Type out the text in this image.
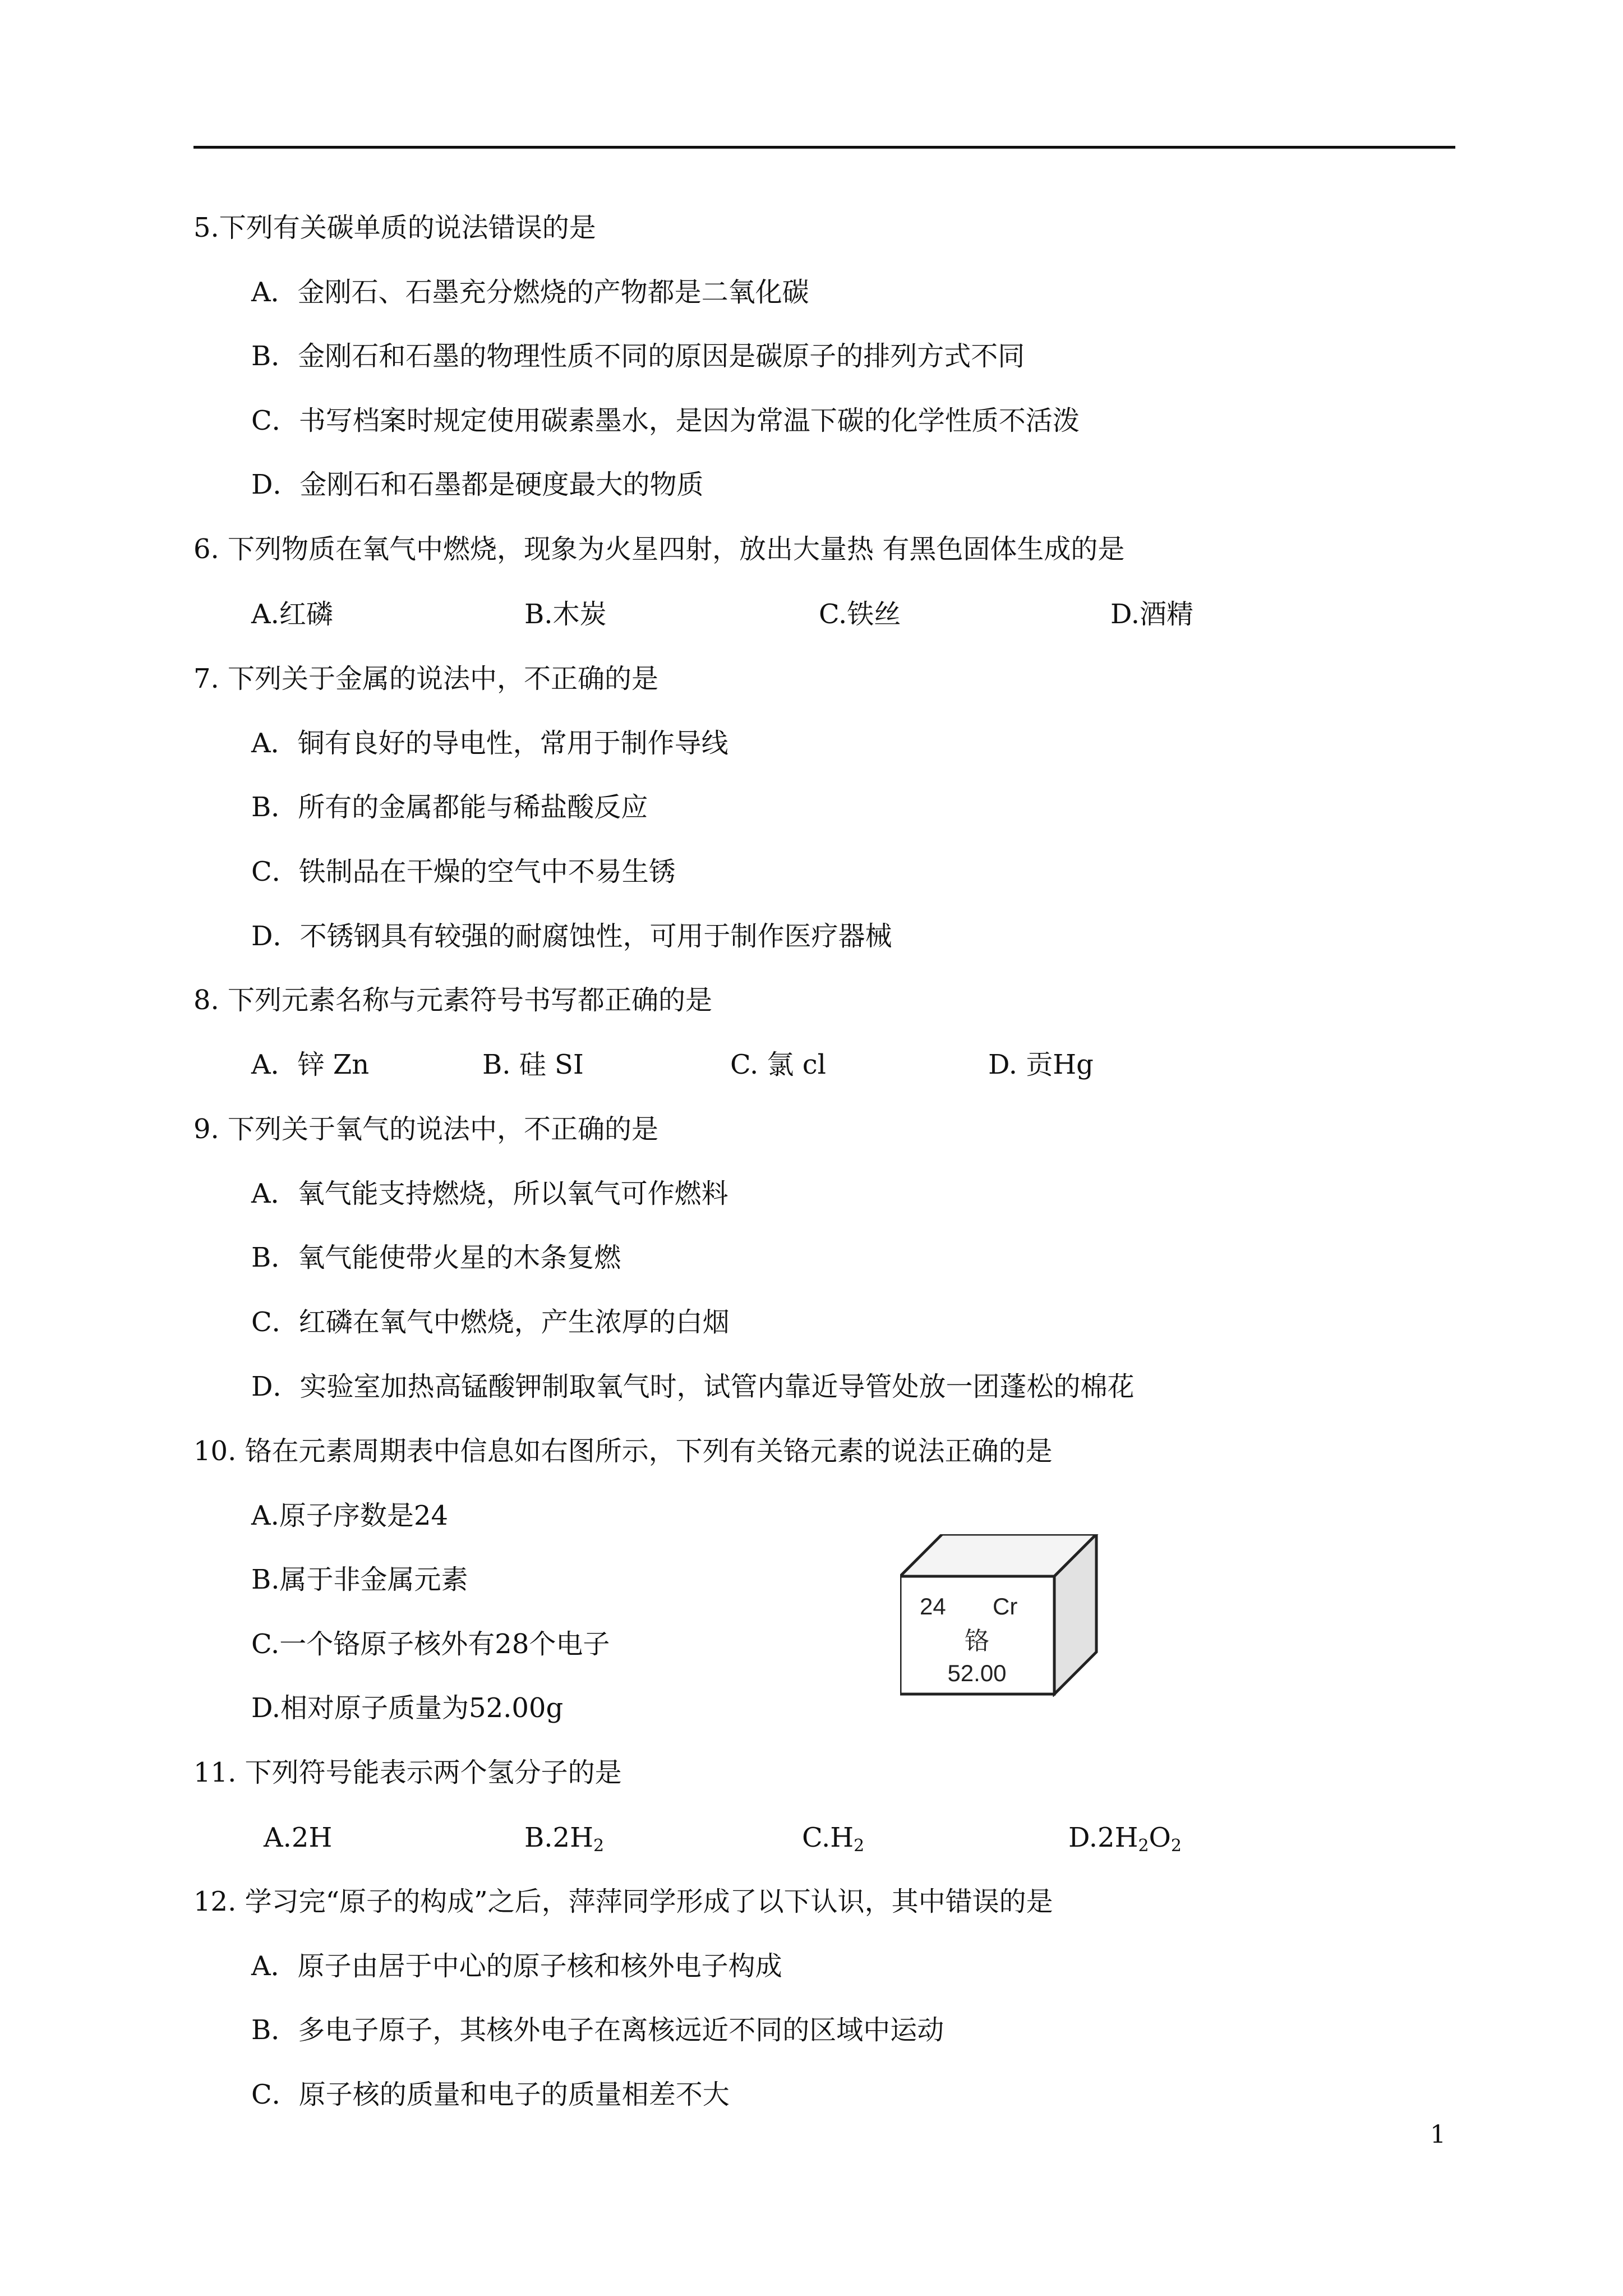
5.下列有关碳单质的说法错误的是
A．金刚石、石墨充分燃烧的产物都是二氧化碳
B．金刚石和石墨的物理性质不同的原因是碳原子的排列方式不同
C．书写档案时规定使用碳素墨水，是因为常温下碳的化学性质不活泼
D．金刚石和石墨都是硬度最大的物质
6. 下列物质在氧气中燃烧，现象为火星四射，放出大量热 有黑色固体生成的是
A.红磷	B.木炭	C.铁丝	D.酒精
7. 下列关于金属的说法中，不正确的是
A．铜有良好的导电性，常用于制作导线
B．所有的金属都能与稀盐酸反应
C．铁制品在干燥的空气中不易生锈
D．不锈钢具有较强的耐腐蚀性，可用于制作医疗器械
8. 下列元素名称与元素符号书写都正确的是
A．锌 Zn	B. 硅 SI	C. 氯 cl	D. 贡Hg
9. 下列关于氧气的说法中，不正确的是
A．氧气能支持燃烧，所以氧气可作燃料
B．氧气能使带火星的木条复燃
C．红磷在氧气中燃烧，产生浓厚的白烟
D．实验室加热高锰酸钾制取氧气时，试管内靠近导管处放一团蓬松的棉花
10. 铬在元素周期表中信息如右图所示，下列有关铬元素的说法正确的是
A.原子序数是24
B.属于非金属元素
C.一个铬原子核外有28个电子
D.相对原子质量为52.00g
24 Cr
铬
52.00
11. 下列符号能表示两个氢分子的是
A.2H	$B.2H_2$	$C.H_2$	$D.2H_2O_2$
12. 学习完“原子的构成”之后，萍萍同学形成了以下认识，其中错误的是
A．原子由居于中心的原子核和核外电子构成
B．多电子原子，其核外电子在离核远近不同的区域中运动
C．原子核的质量和电子的质量相差不大
1
